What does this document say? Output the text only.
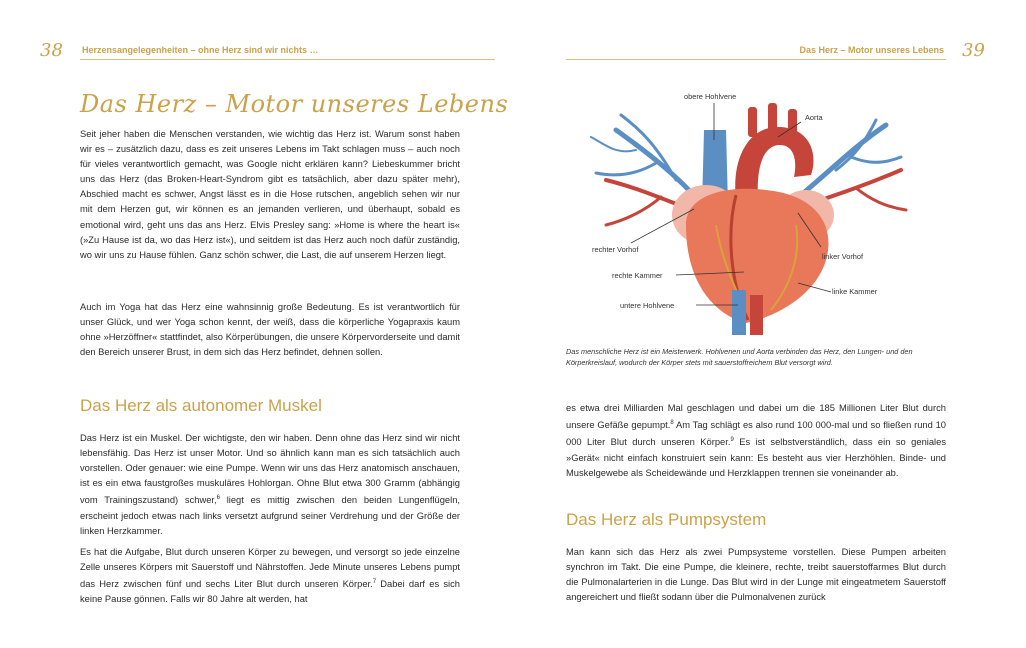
38 Herzensangelegenheiten – ohne Herz sind wir nichts …	Das Herz – Motor unseres Lebens 39
Das Herz – Motor unseres Lebens

Seit jeher haben die Menschen verstanden, wie wichtig das Herz ist. Warum sonst haben wir es – zusätzlich dazu, dass es zeit unseres Lebens im Takt schlagen muss – auch noch für vieles verantwortlich gemacht, was Google nicht erklären kann? Liebeskummer bricht uns das Herz (das Broken-Heart-Syndrom gibt es tatsächlich, aber dazu später mehr), Abschied macht es schwer, Angst lässt es in die Hose rutschen, angeblich sehen wir nur mit dem Herzen gut, wir können es an jemanden verlieren, und überhaupt, sobald es emotional wird, geht uns das ans Herz. Elvis Presley sang: »Home is where the heart is« (»Zu Hause ist da, wo das Herz ist«), und seitdem ist das Herz auch noch dafür zuständig, wo wir uns zu Hause fühlen. Ganz schön schwer, die Last, die auf unserem Herzen liegt.

Auch im Yoga hat das Herz eine wahnsinnig große Bedeutung. Es ist verantwortlich für unser Glück, und wer Yoga schon kennt, der weiß, dass die körperliche Yogapraxis kaum ohne »Herzöffner« stattfindet, also Körperübungen, die unsere Körpervorderseite und damit den Bereich unserer Brust, in dem sich das Herz befindet, dehnen sollen.

Das Herz als autonomer Muskel

Das Herz ist ein Muskel. Der wichtigste, den wir haben. Denn ohne das Herz sind wir nicht lebensfähig. Das Herz ist unser Motor. Und so ähnlich kann man es sich tatsächlich auch vorstellen. Oder genauer: wie eine Pumpe. Wenn wir uns das Herz anatomisch anschauen, ist es ein etwa faustgroßes muskuläres Hohlorgan. Ohne Blut etwa 300 Gramm (abhängig vom Trainingszustand) schwer,$^6$ liegt es mittig zwischen den beiden Lungenflügeln, erscheint jedoch etwas nach links versetzt aufgrund seiner Verdrehung und der Größe der linken Herzkammer.

Es hat die Aufgabe, Blut durch unseren Körper zu bewegen, und versorgt so jede einzelne Zelle unseres Körpers mit Sauerstoff und Nährstoffen. Jede Minute unseres Lebens pumpt das Herz zwischen fünf und sechs Liter Blut durch unseren Körper.$^7$ Dabei darf es sich keine Pause gönnen. Falls wir 80 Jahre alt werden, hat

obere Hohlvene
Aorta
rechter Vorhof
linker Vorhof
rechte Kammer
linke Kammer
untere Hohlvene
Das menschliche Herz ist ein Meisterwerk. Hohlvenen und Aorta verbinden das Herz, den Lungen- und den Körperkreislauf, wodurch der Körper stets mit sauerstoffreichem Blut versorgt wird.

es etwa drei Milliarden Mal geschlagen und dabei um die 185 Millionen Liter Blut durch unsere Gefäße gepumpt.$^8$ Am Tag schlägt es also rund 100 000-mal und so fließen rund 10 000 Liter Blut durch unseren Körper.$^9$ Es ist selbstverständlich, dass ein so geniales »Gerät« nicht einfach konstruiert sein kann: Es besteht aus vier Herzhöhlen. Binde- und Muskelgewebe als Scheidewände und Herzklappen trennen sie voneinander ab.

Das Herz als Pumpsystem

Man kann sich das Herz als zwei Pumpsysteme vorstellen. Diese Pumpen arbeiten synchron im Takt. Die eine Pumpe, die kleinere, rechte, treibt sauerstoffarmes Blut durch die Pulmonalarterien in die Lunge. Das Blut wird in der Lunge mit eingeatmetem Sauerstoff angereichert und fließt sodann über die Pulmonalvenen zurück
